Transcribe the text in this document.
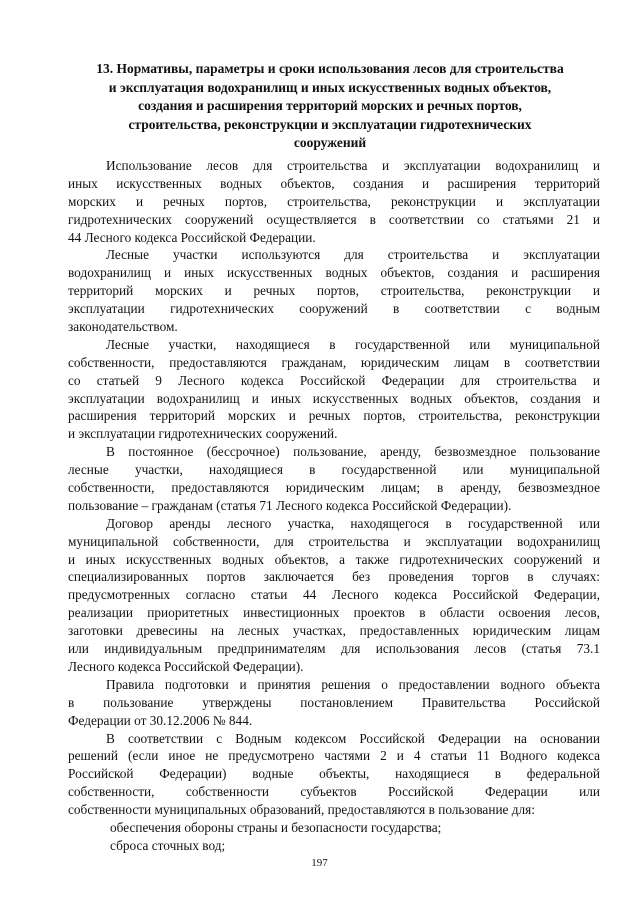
13. Нормативы, параметры и сроки использования лесов для строительства
и эксплуатация водохранилищ и иных искусственных водных объектов,
создания и расширения территорий морских и речных портов,
строительства, реконструкции и эксплуатации гидротехнических
сооружений
Использование лесов для строительства и эксплуатации водохранилищ и
иных искусственных водных объектов, создания и расширения территорий
морских и речных портов, строительства, реконструкции и эксплуатации
гидротехнических сооружений осуществляется в соответствии со статьями 21 и
44 Лесного кодекса Российской Федерации.
Лесные участки используются для строительства и эксплуатации
водохранилищ и иных искусственных водных объектов, создания и расширения
территорий морских и речных портов, строительства, реконструкции и
эксплуатации гидротехнических сооружений в соответствии с водным
законодательством.
Лесные участки, находящиеся в государственной или муниципальной
собственности, предоставляются гражданам, юридическим лицам в соответствии
со статьей 9 Лесного кодекса Российской Федерации для строительства и
эксплуатации водохранилищ и иных искусственных водных объектов, создания и
расширения территорий морских и речных портов, строительства, реконструкции
и эксплуатации гидротехнических сооружений.
В постоянное (бессрочное) пользование, аренду, безвозмездное пользование
лесные участки, находящиеся в государственной или муниципальной
собственности, предоставляются юридическим лицам; в аренду, безвозмездное
пользование – гражданам (статья 71 Лесного кодекса Российской Федерации).
Договор аренды лесного участка, находящегося в государственной или
муниципальной собственности, для строительства и эксплуатации водохранилищ
и иных искусственных водных объектов, а также гидротехнических сооружений и
специализированных портов заключается без проведения торгов в случаях:
предусмотренных согласно статьи 44 Лесного кодекса Российской Федерации,
реализации приоритетных инвестиционных проектов в области освоения лесов,
заготовки древесины на лесных участках, предоставленных юридическим лицам
или индивидуальным предпринимателям для использования лесов (статья 73.1
Лесного кодекса Российской Федерации).
Правила подготовки и принятия решения о предоставлении водного объекта
в пользование утверждены постановлением Правительства Российской
Федерации от 30.12.2006 № 844.
В соответствии с Водным кодексом Российской Федерации на основании
решений (если иное не предусмотрено частями 2 и 4 статьи 11 Водного кодекса
Российской Федерации) водные объекты, находящиеся в федеральной
собственности, собственности субъектов Российской Федерации или
собственности муниципальных образований, предоставляются в пользование для:
обеспечения обороны страны и безопасности государства;
сброса сточных вод;
197
